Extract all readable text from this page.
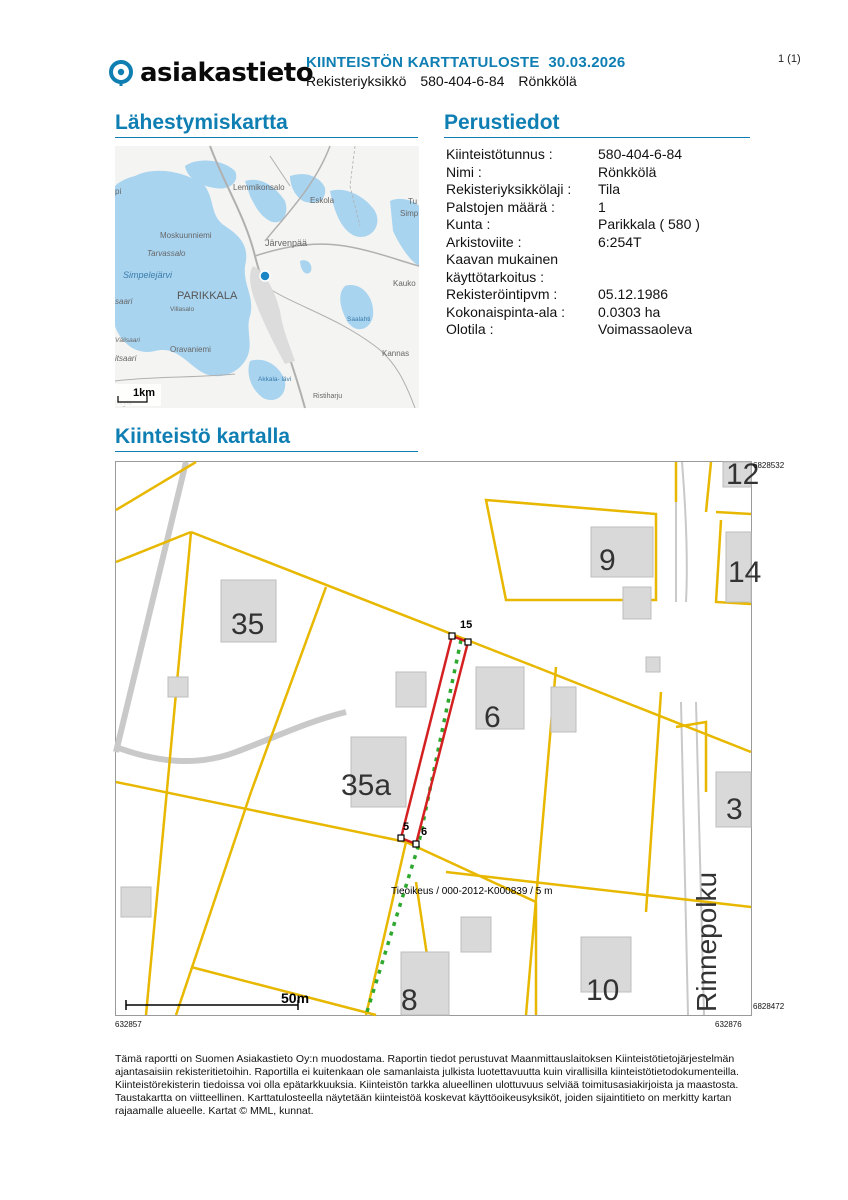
asiakastieto
KIINTEISTÖN KARTTATULOSTE 30.03.2026
Rekisteriyksikkö 580-404-6-84 Rönkkölä
1 (1)
Lähestymiskartta	Perustiedot
Kiinteistötunnus :	580-404-6-84
Nimi :	Rönkkölä
Rekisteriyksikkölaji :	Tila
Palstojen määrä :	1
Kunta :	Parikkala ( 580 )
Arkistoviite :	6:254T
Kaavan mukainen
käyttötarkoitus :
Rekisteröintipvm :	05.12.1986
Kokonaispinta-ala :	0.0303 ha
Olotila :	Voimassaoleva
Lemmikonsalo
Eskola	Tu
Simp
Moskuunniemi
Tarvassalo
Järvenpää
Simpelejärvi
PARIKKALA
Kauko
Villasalo
saari
Saalahti
Välisaari
Oravaniemi	Kannas
itsaari
Akkala- lävi
Ristiharju
pi
1km
Kiinteistö kartalla
35
35a
6
9
3
8	10
14
12
Rinnepolku
15
5 6
Tieoikeus / 000-2012-K000839 / 5 m
50m
6828532
6828472
632857	632876
Tämä raportti on Suomen Asiakastieto Oy:n muodostama. Raportin tiedot perustuvat Maanmittauslaitoksen Kiinteistötietojärjestelmän ajantasaisiin rekisteritietoihin. Raportilla ei kuitenkaan ole samanlaista julkista luotettavuutta kuin virallisilla kiinteistötietodokumenteilla. Kiinteistörekisterin tiedoissa voi olla epätarkkuuksia. Kiinteistön tarkka alueellinen ulottuvuus selviää toimitusasiakirjoista ja maastosta. Taustakartta on viitteellinen. Karttatulosteella näytetään kiinteistöä koskevat käyttöoikeusyksiköt, joiden sijaintitieto on merkitty kartan rajaamalle alueelle. Kartat © MML, kunnat.
